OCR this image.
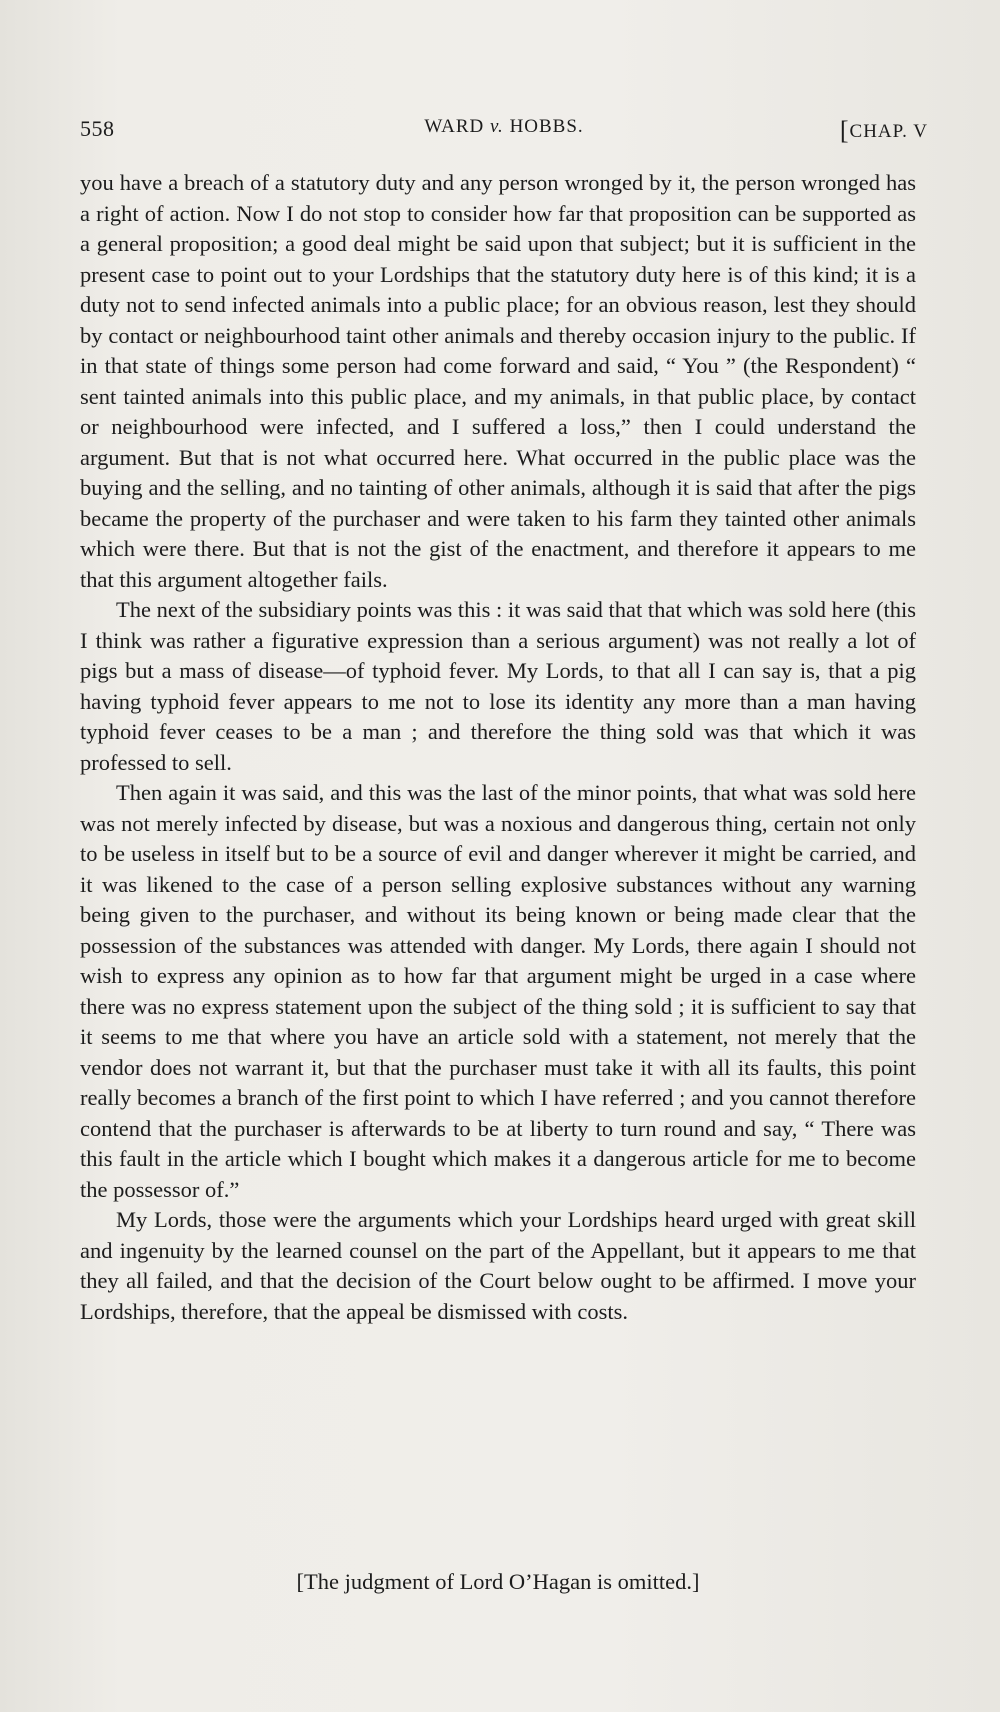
558	WARD v. HOBBS.	[CHAP. V

you have a breach of a statutory duty and any person wronged by it, the person wronged has a right of action. Now I do not stop to consider how far that proposition can be supported as a general proposition; a good deal might be said upon that subject; but it is sufficient in the present case to point out to your Lordships that the statutory duty here is of this kind; it is a duty not to send infected animals into a public place; for an obvious reason, lest they should by contact or neighbourhood taint other animals and thereby occasion injury to the public. If in that state of things some person had come forward and said, “ You ” (the Respondent) “ sent tainted animals into this public place, and my animals, in that public place, by contact or neighbourhood were infected, and I suffered a loss,” then I could understand the argument. But that is not what occurred here. What occurred in the public place was the buying and the selling, and no tainting of other animals, although it is said that after the pigs became the property of the purchaser and were taken to his farm they tainted other animals which were there. But that is not the gist of the enactment, and therefore it appears to me that this argument altogether fails.

The next of the subsidiary points was this : it was said that that which was sold here (this I think was rather a figurative expression than a serious argument) was not really a lot of pigs but a mass of disease—of typhoid fever. My Lords, to that all I can say is, that a pig having typhoid fever appears to me not to lose its identity any more than a man having typhoid fever ceases to be a man ; and therefore the thing sold was that which it was professed to sell.

Then again it was said, and this was the last of the minor points, that what was sold here was not merely infected by disease, but was a noxious and dangerous thing, certain not only to be useless in itself but to be a source of evil and danger wherever it might be carried, and it was likened to the case of a person selling explosive substances without any warning being given to the purchaser, and without its being known or being made clear that the possession of the substances was attended with danger. My Lords, there again I should not wish to express any opinion as to how far that argument might be urged in a case where there was no express statement upon the subject of the thing sold ; it is sufficient to say that it seems to me that where you have an article sold with a statement, not merely that the vendor does not warrant it, but that the purchaser must take it with all its faults, this point really becomes a branch of the first point to which I have referred ; and you cannot therefore contend that the purchaser is afterwards to be at liberty to turn round and say, “ There was this fault in the article which I bought which makes it a dangerous article for me to become the possessor of.”

My Lords, those were the arguments which your Lordships heard urged with great skill and ingenuity by the learned counsel on the part of the Appellant, but it appears to me that they all failed, and that the decision of the Court below ought to be affirmed. I move your Lordships, therefore, that the appeal be dismissed with costs.

[The judgment of Lord O’Hagan is omitted.]
